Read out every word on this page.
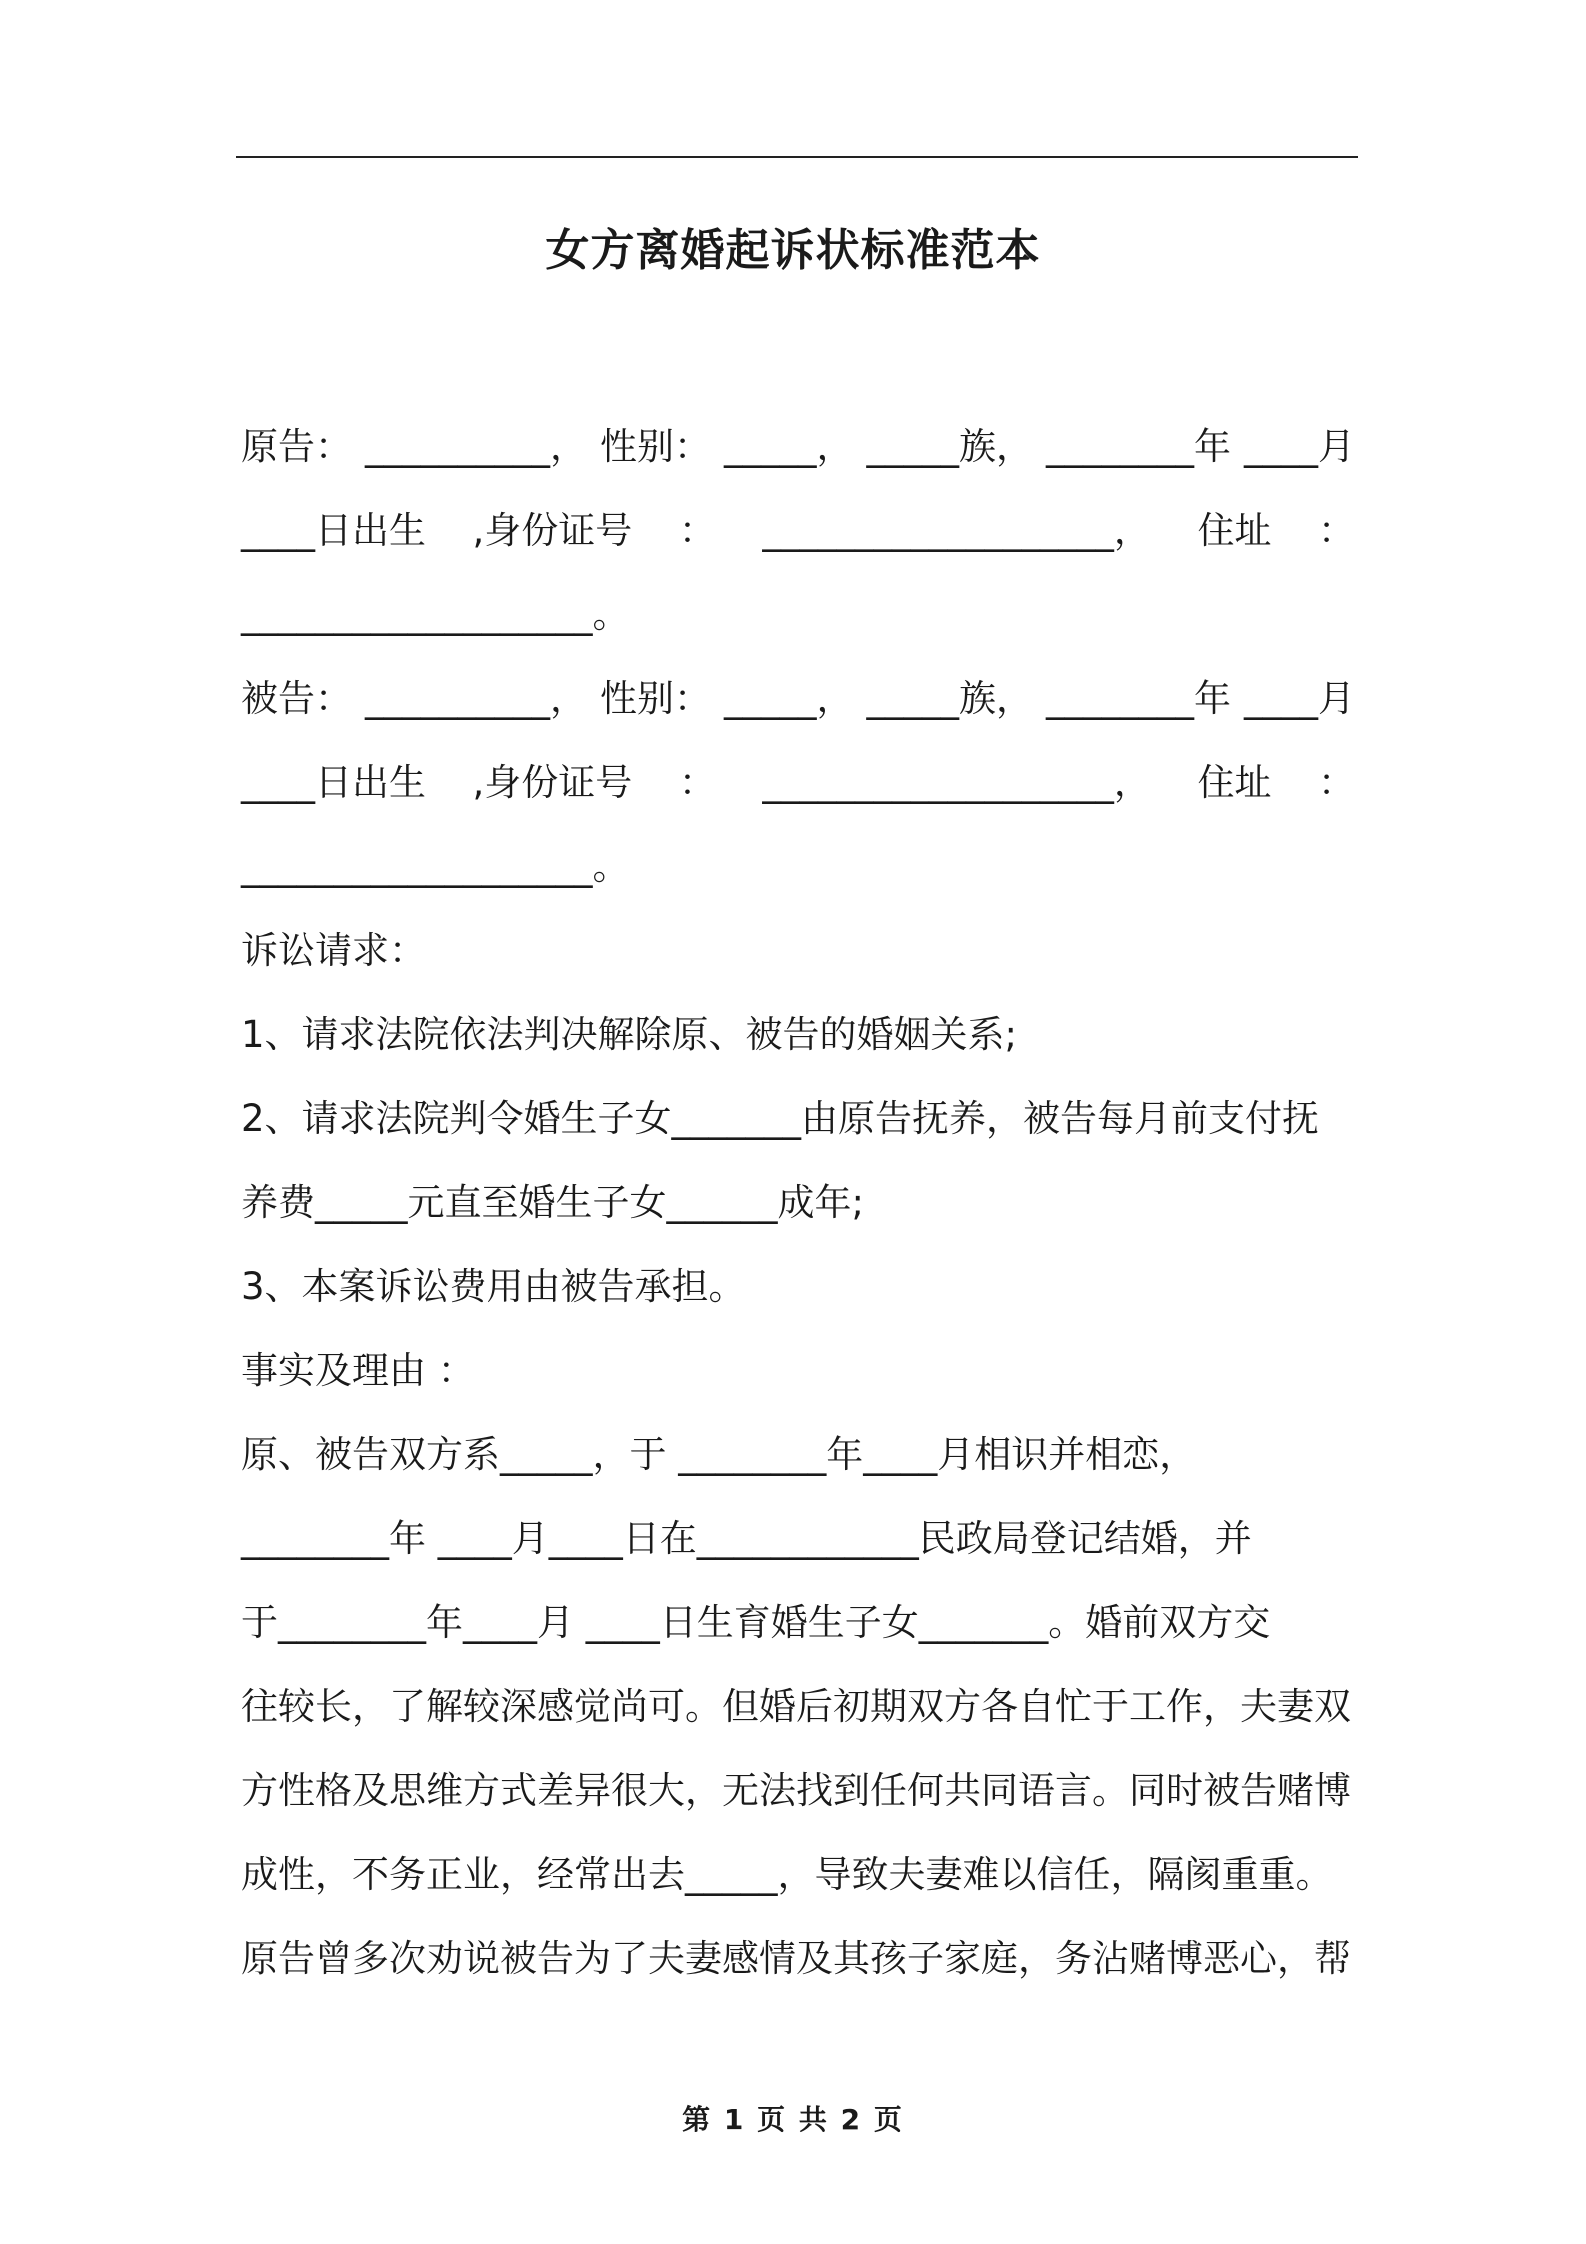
女方离婚起诉状标准范本
原告： __________， 性别： _____， _____族， ________年 ____月
____日出生 ,身份证号 ： ___________________， 住址 ：
___________________。
被告： __________， 性别： _____， _____族， ________年 ____月
____日出生 ,身份证号 ： ___________________， 住址 ：
___________________。
诉讼请求：
1、请求法院依法判决解除原、被告的婚姻关系;
2、请求法院判令婚生子女_______由原告抚养，被告每月前支付抚
养费_____元直至婚生子女______成年;
3、本案诉讼费用由被告承担。
事实及理由 ：
原、被告双方系_____，于 ________年____月相识并相恋，
________年 ____月____日在____________民政局登记结婚，并
于________年____月 ____日生育婚生子女_______。婚前双方交
往较长，了解较深感觉尚可。但婚后初期双方各自忙于工作，夫妻双
方性格及思维方式差异很大，无法找到任何共同语言。同时被告赌博
成性，不务正业，经常出去_____，导致夫妻难以信任，隔阂重重。
原告曾多次劝说被告为了夫妻感情及其孩子家庭，务沾赌博恶心，帮
第 1 页 共 2 页
